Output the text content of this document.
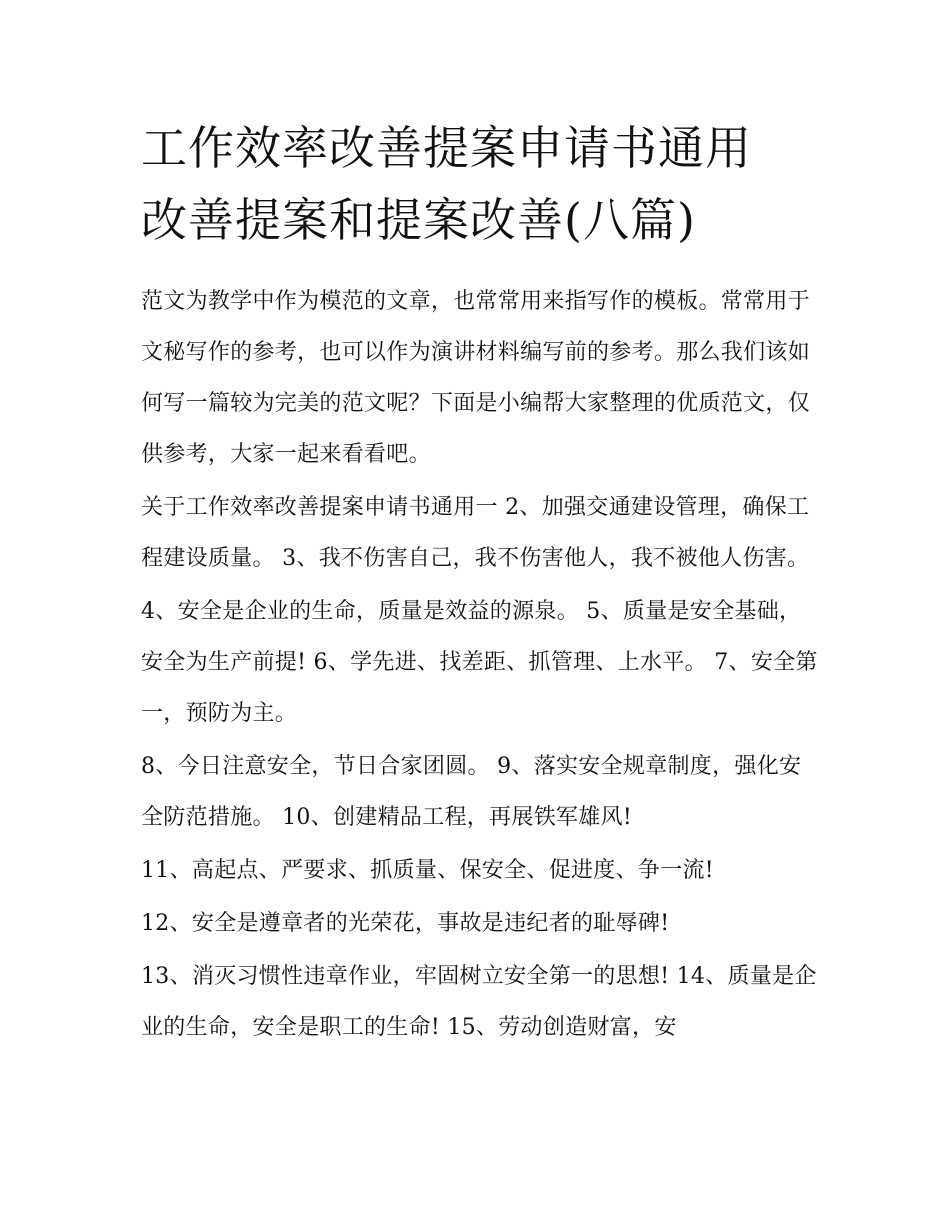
工作效率改善提案申请书通用
改善提案和提案改善(八篇)

范文为教学中作为模范的文章，也常常用来指写作的模板。常常用于文秘写作的参考，也可以作为演讲材料编写前的参考。那么我们该如何写一篇较为完美的范文呢？下面是小编帮大家整理的优质范文，仅供参考，大家一起来看看吧。

关于工作效率改善提案申请书通用一 2、加强交通建设管理，确保工程建设质量。 3、我不伤害自己，我不伤害他人，我不被他人伤害。

4、安全是企业的生命，质量是效益的源泉。 5、质量是安全基础，安全为生产前提! 6、学先进、找差距、抓管理、上水平。 7、安全第一，预防为主。

8、今日注意安全，节日合家团圆。 9、落实安全规章制度，强化安全防范措施。 10、创建精品工程，再展铁军雄风!

11、高起点、严要求、抓质量、保安全、促进度、争一流!

12、安全是遵章者的光荣花，事故是违纪者的耻辱碑!

13、消灭习惯性违章作业，牢固树立安全第一的思想! 14、质量是企业的生命，安全是职工的生命! 15、劳动创造财富，安
